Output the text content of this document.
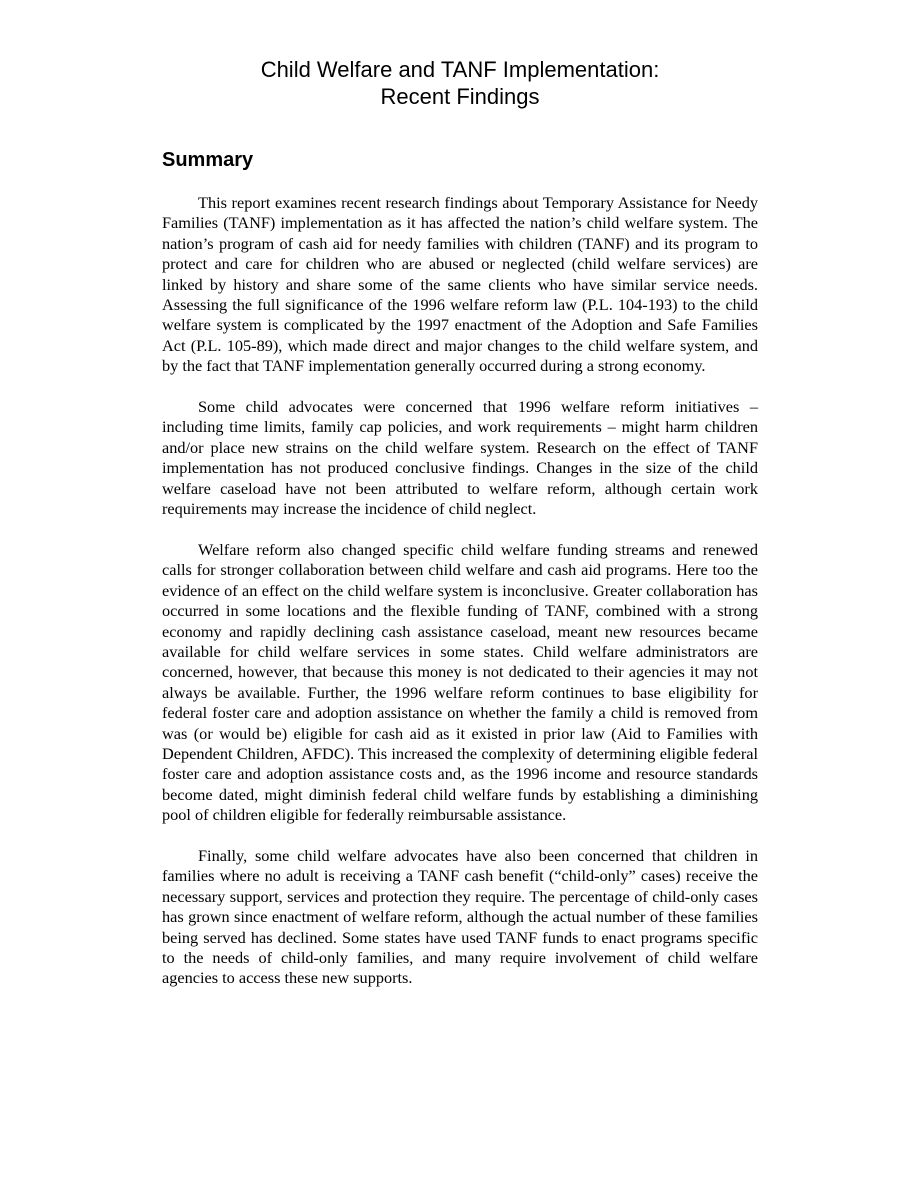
Child Welfare and TANF Implementation:
Recent Findings
Summary

This report examines recent research findings about Temporary Assistance for Needy Families (TANF) implementation as it has affected the nation’s child welfare system. The nation’s program of cash aid for needy families with children (TANF) and its program to protect and care for children who are abused or neglected (child welfare services) are linked by history and share some of the same clients who have similar service needs. Assessing the full significance of the 1996 welfare reform law (P.L. 104-193) to the child welfare system is complicated by the 1997 enactment of the Adoption and Safe Families Act (P.L. 105-89), which made direct and major changes to the child welfare system, and by the fact that TANF implementation generally occurred during a strong economy.

Some child advocates were concerned that 1996 welfare reform initiatives – including time limits, family cap policies, and work requirements – might harm children and/or place new strains on the child welfare system. Research on the effect of TANF implementation has not produced conclusive findings. Changes in the size of the child welfare caseload have not been attributed to welfare reform, although certain work requirements may increase the incidence of child neglect.

Welfare reform also changed specific child welfare funding streams and renewed calls for stronger collaboration between child welfare and cash aid programs. Here too the evidence of an effect on the child welfare system is inconclusive. Greater collaboration has occurred in some locations and the flexible funding of TANF, combined with a strong economy and rapidly declining cash assistance caseload, meant new resources became available for child welfare services in some states. Child welfare administrators are concerned, however, that because this money is not dedicated to their agencies it may not always be available. Further, the 1996 welfare reform continues to base eligibility for federal foster care and adoption assistance on whether the family a child is removed from was (or would be) eligible for cash aid as it existed in prior law (Aid to Families with Dependent Children, AFDC). This increased the complexity of determining eligible federal foster care and adoption assistance costs and, as the 1996 income and resource standards become dated, might diminish federal child welfare funds by establishing a diminishing pool of children eligible for federally reimbursable assistance.

Finally, some child welfare advocates have also been concerned that children in families where no adult is receiving a TANF cash benefit (“child-only” cases) receive the necessary support, services and protection they require. The percentage of child-only cases has grown since enactment of welfare reform, although the actual number of these families being served has declined. Some states have used TANF funds to enact programs specific to the needs of child-only families, and many require involvement of child welfare agencies to access these new supports.
